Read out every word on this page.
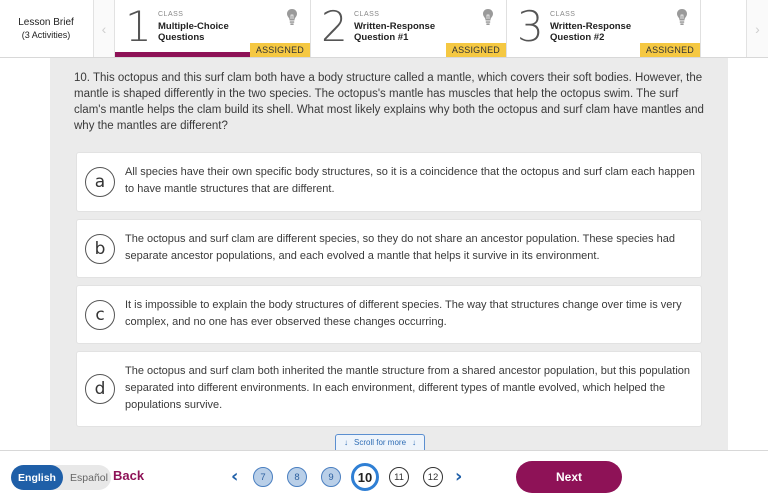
Lesson Brief
(3 Activities) ‹ 1 CLASS
Multiple-Choice Questions
ASSIGNED 2 CLASS
Written-Response Question #1
ASSIGNED 3 CLASS
Written-Response Question #2
ASSIGNED
›
10. This octopus and this surf clam both have a body structure called a mantle, which covers their soft bodies. However, the mantle is shaped differently in the two species. The octopus's mantle has muscles that help the octopus swim. The surf clam's mantle helps the clam build its shell. What most likely explains why both the octopus and surf clam have mantles and why the mantles are different?
a	All species have their own specific body structures, so it is a coincidence that the octopus and surf clam each happen to have mantle structures that are different.
b	The octopus and surf clam are different species, so they do not share an ancestor population. These species had separate ancestor populations, and each evolved a mantle that helps it survive in its environment.
c	It is impossible to explain the body structures of different species. The way that structures change over time is very complex, and no one has ever observed these changes occurring.
d
The octopus and surf clam both inherited the mantle structure from a shared ancestor population, but this population separated into different environments. In each environment, different types of mantle evolved, which helped the populations survive.
↓ Scroll for more ↓
English	Español Back	‹	7	8	9	10	11	12 ›	Next
